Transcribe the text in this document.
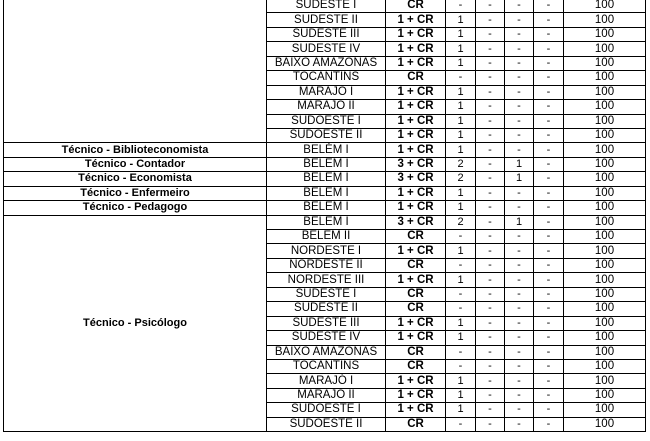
	SUDESTE I	CR	-	-	-	-	100
	SUDESTE II	1 + CR	1	-	-	-	100
	SUDESTE III	1 + CR	1	-	-	-	100
	SUDESTE IV	1 + CR	1	-	-	-	100
	BAIXO AMAZONAS	1 + CR	1	-	-	-	100
	TOCANTINS	CR	-	-	-	-	100
	MARAJÓ I	1 + CR	1	-	-	-	100
	MARAJÓ II	1 + CR	1	-	-	-	100
	SUDOESTE I	1 + CR	1	-	-	-	100
	SUDOESTE II	1 + CR	1	-	-	-	100
Técnico - Biblioteconomista	BELÉM I	1 + CR	1	-	-	-	100
Técnico - Contador	BELÉM I	3 + CR	2	-	1	-	100
Técnico - Economista	BELÉM I	3 + CR	2	-	1	-	100
Técnico - Enfermeiro	BELÉM I	1 + CR	1	-	-	-	100
Técnico - Pedagogo	BELÉM I	1 + CR	1	-	-	-	100
Técnico - Psicólogo	BELÉM I	3 + CR	2	-	1	-	100
	BELÉM II	CR	-	-	-	-	100
	NORDESTE I	1 + CR	1	-	-	-	100
	NORDESTE II	CR	-	-	-	-	100
	NORDESTE III	1 + CR	1	-	-	-	100
	SUDESTE I	CR	-	-	-	-	100
	SUDESTE II	CR	-	-	-	-	100
	SUDESTE III	1 + CR	1	-	-	-	100
	SUDESTE IV	1 + CR	1	-	-	-	100
	BAIXO AMAZONAS	CR	-	-	-	-	100
	TOCANTINS	CR	-	-	-	-	100
	MARAJÓ I	1 + CR	1	-	-	-	100
	MARAJÓ II	1 + CR	1	-	-	-	100
	SUDOESTE I	1 + CR	1	-	-	-	100
	SUDOESTE II	CR	-	-	-	-	100
